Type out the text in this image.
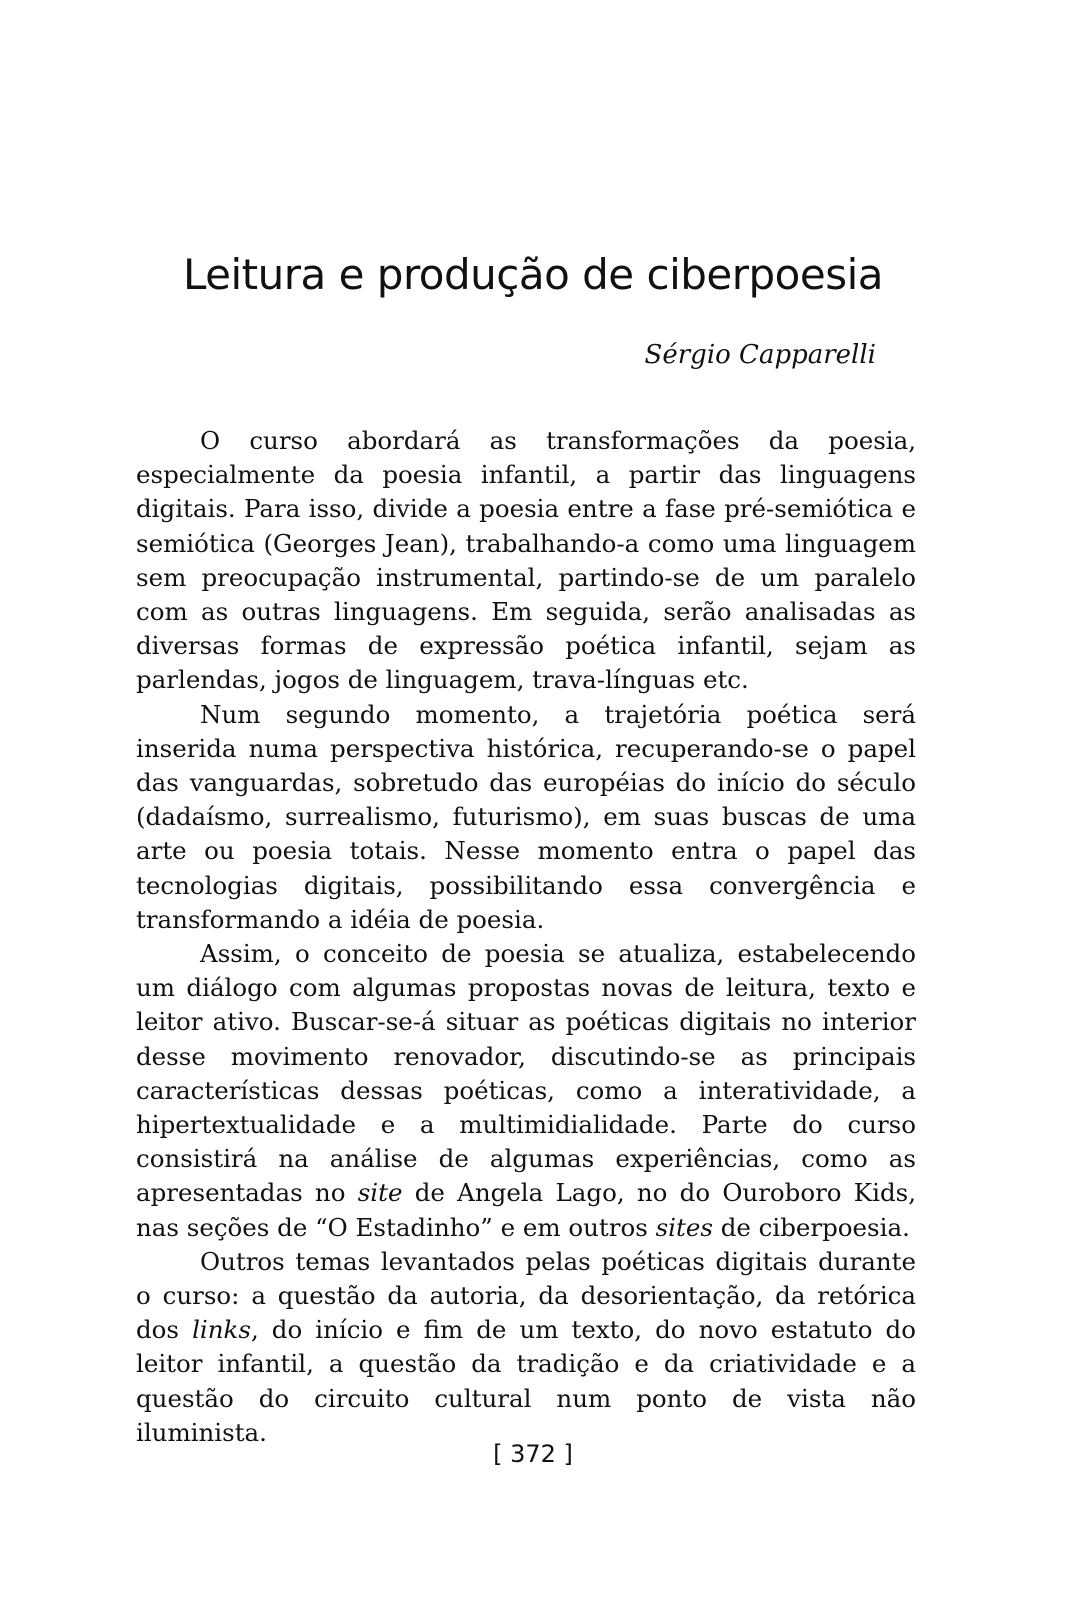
Leitura e produção de ciberpoesia

Sérgio Capparelli

O curso abordará as transformações da poesia, especialmente da poesia infantil, a partir das linguagens digitais. Para isso, divide a poesia entre a fase pré-semiótica e semiótica (Georges Jean), trabalhando-a como uma linguagem sem preocupação instrumental, partindo-se de um paralelo com as outras linguagens. Em seguida, serão analisadas as diversas formas de expressão poética infantil, sejam as parlendas, jogos de linguagem, trava-línguas etc.

Num segundo momento, a trajetória poética será inserida numa perspectiva histórica, recuperando-se o papel das vanguardas, sobretudo das européias do início do século (dadaísmo, surrealismo, futurismo), em suas buscas de uma arte ou poesia totais. Nesse momento entra o papel das tecnologias digitais, possibilitando essa convergência e transformando a idéia de poesia.

Assim, o conceito de poesia se atualiza, estabelecendo um diálogo com algumas propostas novas de leitura, texto e leitor ativo. Buscar-se-á situar as poéticas digitais no interior desse movimento renovador, discutindo-se as principais características dessas poéticas, como a interatividade, a hipertextualidade e a multimidialidade. Parte do curso consistirá na análise de algumas experiências, como as apresentadas no site de Angela Lago, no do Ouroboro Kids, nas seções de “O Estadinho” e em outros sites de ciberpoesia.

Outros temas levantados pelas poéticas digitais durante o curso: a questão da autoria, da desorientação, da retórica dos links, do início e fim de um texto, do novo estatuto do leitor infantil, a questão da tradição e da criatividade e a questão do circuito cultural num ponto de vista não iluminista.

[ 372 ]
